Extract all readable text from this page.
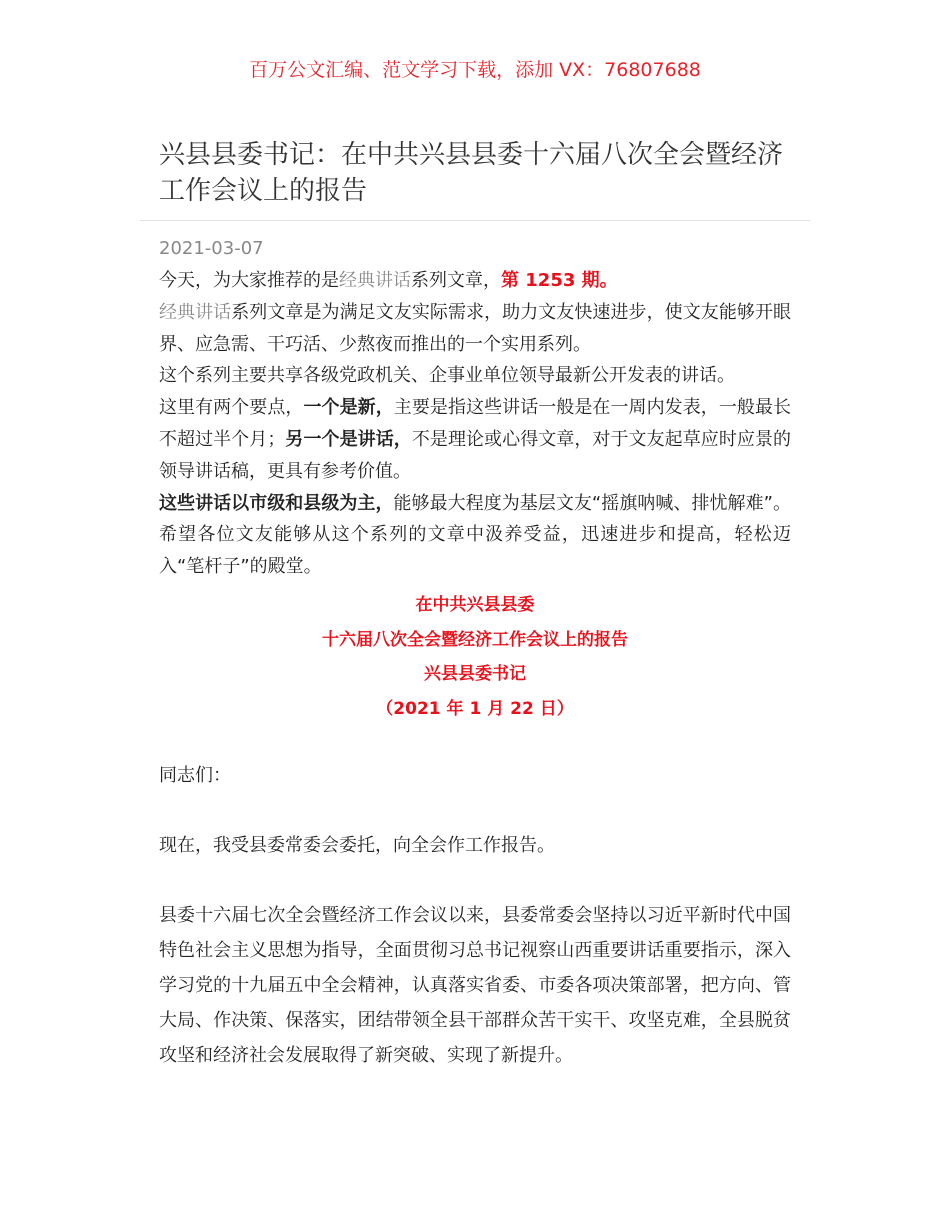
百万公文汇编、范文学习下载，添加 VX：76807688
兴县县委书记：在中共兴县县委十六届八次全会暨经济工作会议上的报告
2021-03-07

今天，为大家推荐的是经典讲话系列文章，第 1253 期。

经典讲话系列文章是为满足文友实际需求，助力文友快速进步，使文友能够开眼界、应急需、干巧活、少熬夜而推出的一个实用系列。

这个系列主要共享各级党政机关、企事业单位领导最新公开发表的讲话。

这里有两个要点，一个是新，主要是指这些讲话一般是在一周内发表，一般最长不超过半个月；另一个是讲话，不是理论或心得文章，对于文友起草应时应景的领导讲话稿，更具有参考价值。

这些讲话以市级和县级为主，能够最大程度为基层文友“摇旗呐喊、排忧解难”。希望各位文友能够从这个系列的文章中汲养受益，迅速进步和提高，轻松迈入“笔杆子”的殿堂。

在中共兴县县委
十六届八次全会暨经济工作会议上的报告
兴县县委书记
（2021 年 1 月 22 日）

同志们：

现在，我受县委常委会委托，向全会作工作报告。

县委十六届七次全会暨经济工作会议以来，县委常委会坚持以习近平新时代中国特色社会主义思想为指导，全面贯彻习总书记视察山西重要讲话重要指示，深入学习党的十九届五中全会精神，认真落实省委、市委各项决策部署，把方向、管大局、作决策、保落实，团结带领全县干部群众苦干实干、攻坚克难，全县脱贫攻坚和经济社会发展取得了新突破、实现了新提升。
